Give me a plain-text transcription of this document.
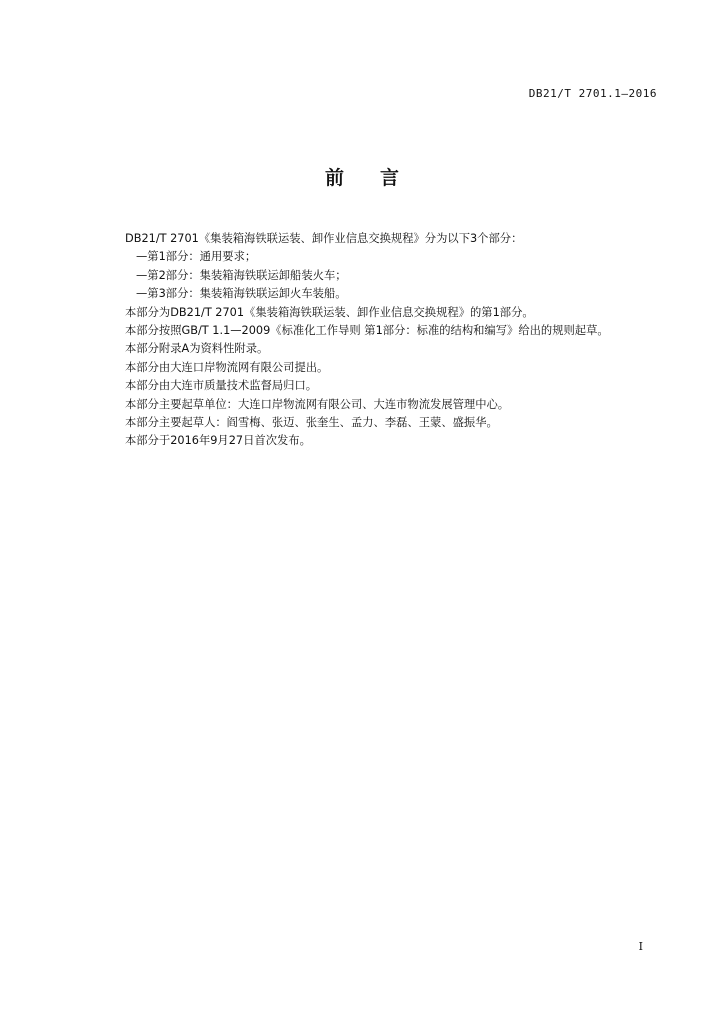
DB21/T 2701.1—2016
前言
DB21/T 2701《集装箱海铁联运装、卸作业信息交换规程》分为以下3个部分：
—第1部分：通用要求；
—第2部分：集装箱海铁联运卸船装火车；
—第3部分：集装箱海铁联运卸火车装船。
本部分为DB21/T 2701《集装箱海铁联运装、卸作业信息交换规程》的第1部分。
本部分按照GB/T 1.1—2009《标准化工作导则 第1部分：标准的结构和编写》给出的规则起草。
本部分附录A为资料性附录。
本部分由大连口岸物流网有限公司提出。
本部分由大连市质量技术监督局归口。
本部分主要起草单位：大连口岸物流网有限公司、大连市物流发展管理中心。
本部分主要起草人：阎雪梅、张迈、张奎生、孟力、李磊、王蒙、盛振华。
本部分于2016年9月27日首次发布。
I
